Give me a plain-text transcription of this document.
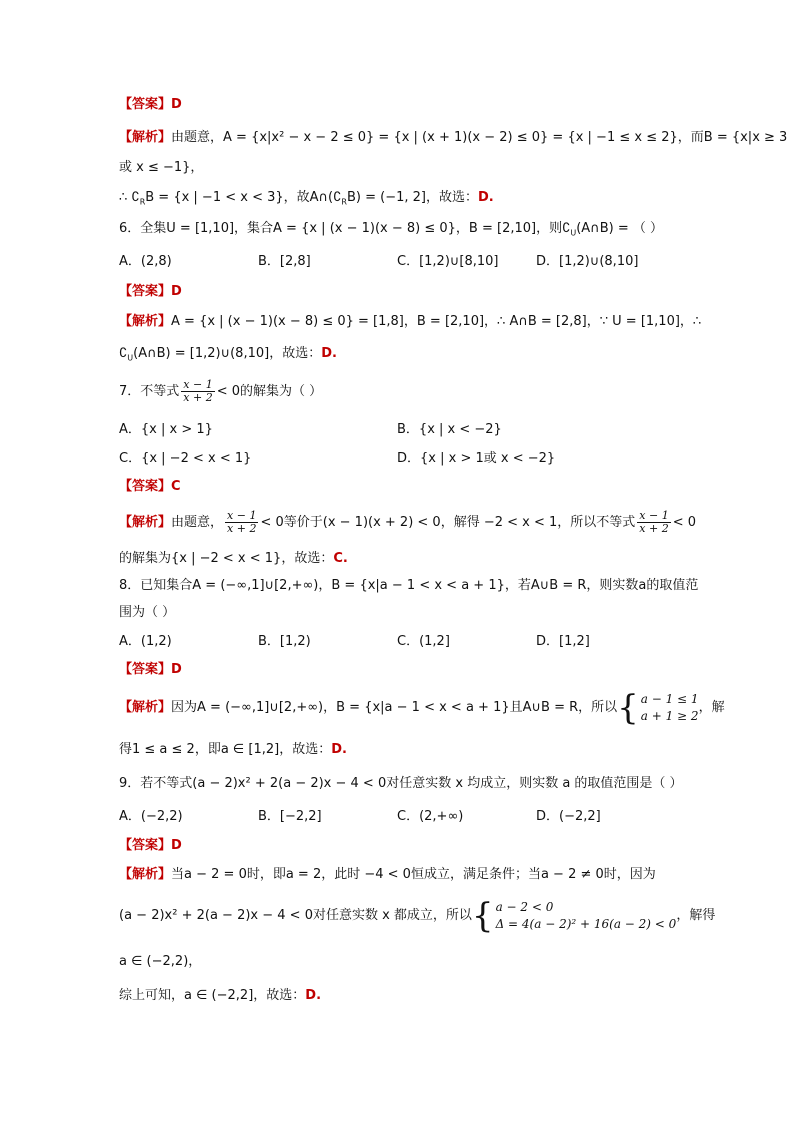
【答案】D
【解析】由题意，A = {x|x² − x − 2 ≤ 0} = {x | (x + 1)(x − 2) ≤ 0} = {x | −1 ≤ x ≤ 2}，而B = {x|x ≥ 3
或 x ≤ −1}，
∴ $∁_RB = \{x$ | −1 < x < 3}，故$A\cap(∁_RB) = (-1$, 2]，故选：D.
6．全集U = [1,10]，集合A = {x | (x − 1)(x − 8) ≤ 0}，B = [2,10]，则$∁_U(A\cap B)$ = （ ）
A．(2,8)	B．[2,8]	C．[1,2)∪[8,10]	D．[1,2)∪(8,10]
【答案】D
【解析】A = {x | (x − 1)(x − 8) ≤ 0} = [1,8]，B = [2,10]，∴ A∩B = [2,8]，∵ U = [1,10]，∴
$∁_U(A\cap B)$ = [1,2)∪(8,10]，故选：D.
7．不等式 $\frac{x - 1}{x + 2} < 0$的解集为（ ）
A．{x | x > 1}	B．{x | x < −2}
C．{x | −2 < x < 1}	D．{x | x > 1或 x < −2}
【答案】C
【解析】由题意， $\frac{x - 1}{x + 2} < 0$等价于(x − 1)(x + 2) < 0，解得 −2 < x < 1，所以不等式 $\frac{x - 1}{x + 2} < 0$
的解集为{x | −2 < x < 1}，故选：C.
8．已知集合A = (−∞,1]∪[2,+∞)，B = {x|a − 1 < x < a + 1}，若A∪B = R，则实数a的取值范
围为（ ）
A．(1,2)	B．[1,2)	C．(1,2]	D．[1,2]
【答案】D
【解析】因为A = (−∞,1]∪[2,+∞)，B = {x|a − 1 < x < a + 1}且A∪B = R，所以 { a − 1 ≤ 1
a + 1 ≥ 2
，解
得1 ≤ a ≤ 2，即a ∈ [1,2]，故选：D.
9．若不等式(a − 2)x² + 2(a − 2)x − 4 < 0对任意实数 x 均成立，则实数 a 的取值范围是（ ）
A．(−2,2)	B．[−2,2]	C．(2,+∞)	D．(−2,2]
【答案】D
【解析】当a − 2 = 0时，即a = 2，此时 −4 < 0恒成立，满足条件；当a − 2 ≠ 0时，因为
(a − 2)x² + 2(a − 2)x − 4 < 0对任意实数 x 都成立，所以 { a − 2 < 0
Δ = 4(a − 2)² + 16(a − 2) < 0
，解得
a ∈ (−2,2)，
综上可知，a ∈ (−2,2]，故选：D.
